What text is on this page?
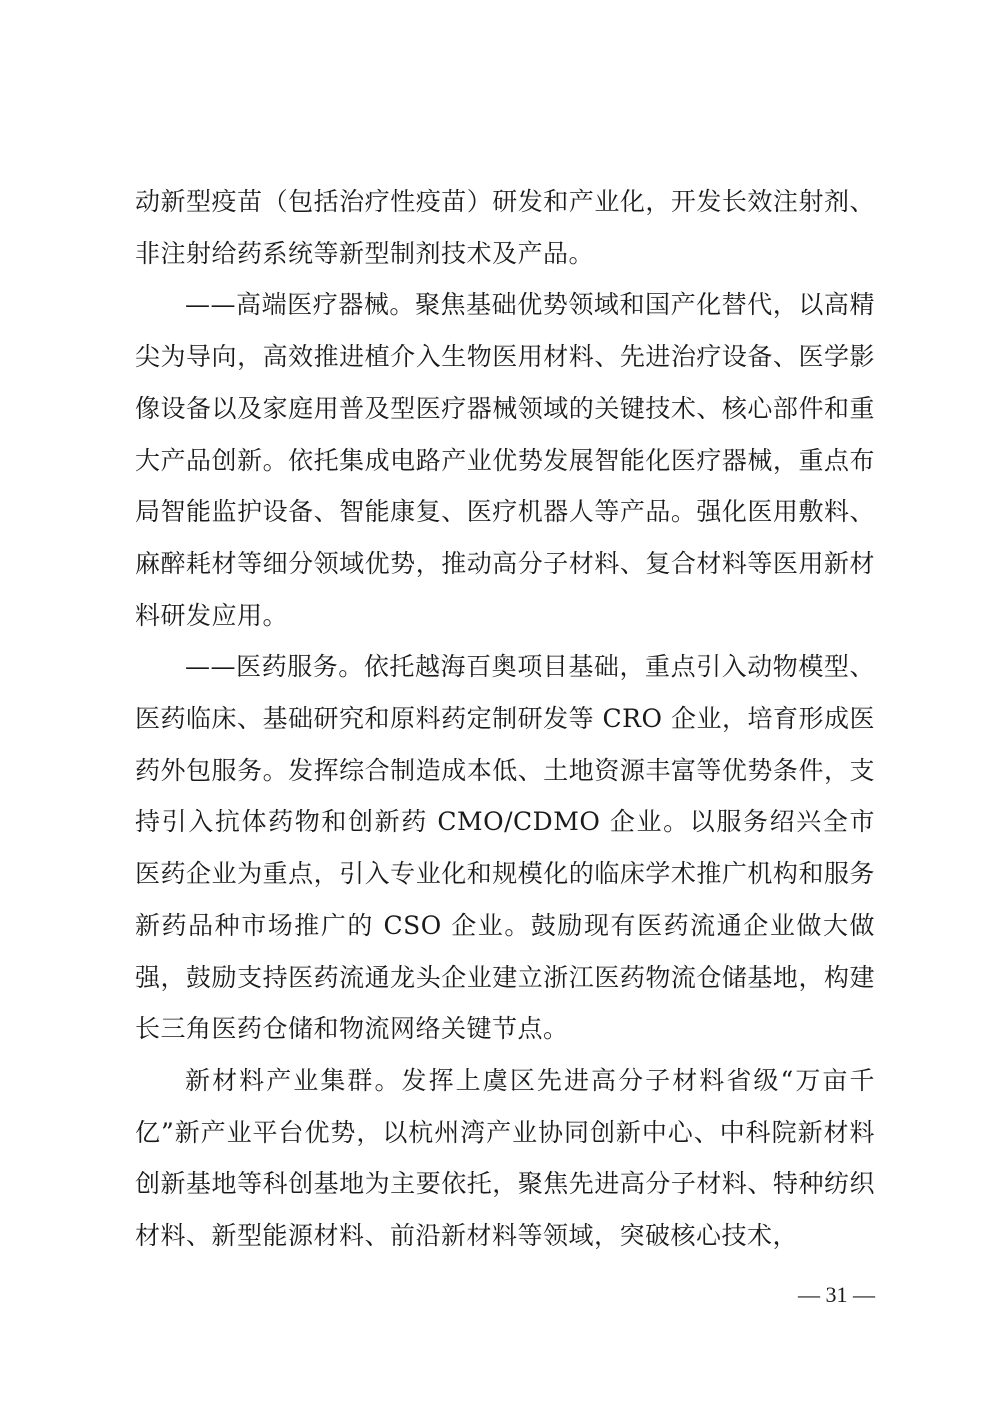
动新型疫苗（包括治疗性疫苗）研发和产业化，开发长效注射剂、非注射给药系统等新型制剂技术及产品。

——高端医疗器械。聚焦基础优势领域和国产化替代，以高精尖为导向，高效推进植介入生物医用材料、先进治疗设备、医学影像设备以及家庭用普及型医疗器械领域的关键技术、核心部件和重大产品创新。依托集成电路产业优势发展智能化医疗器械，重点布局智能监护设备、智能康复、医疗机器人等产品。强化医用敷料、麻醉耗材等细分领域优势，推动高分子材料、复合材料等医用新材料研发应用。

——医药服务。依托越海百奥项目基础，重点引入动物模型、医药临床、基础研究和原料药定制研发等 CRO 企业，培育形成医药外包服务。发挥综合制造成本低、土地资源丰富等优势条件，支持引入抗体药物和创新药 CMO/CDMO 企业。以服务绍兴全市医药企业为重点，引入专业化和规模化的临床学术推广机构和服务新药品种市场推广的 CSO 企业。鼓励现有医药流通企业做大做强，鼓励支持医药流通龙头企业建立浙江医药物流仓储基地，构建长三角医药仓储和物流网络关键节点。

新材料产业集群。发挥上虞区先进高分子材料省级“万亩千亿”新产业平台优势，以杭州湾产业协同创新中心、中科院新材料创新基地等科创基地为主要依托，聚焦先进高分子材料、特种纺织材料、新型能源材料、前沿新材料等领域，突破核心技术，

— 31 —
